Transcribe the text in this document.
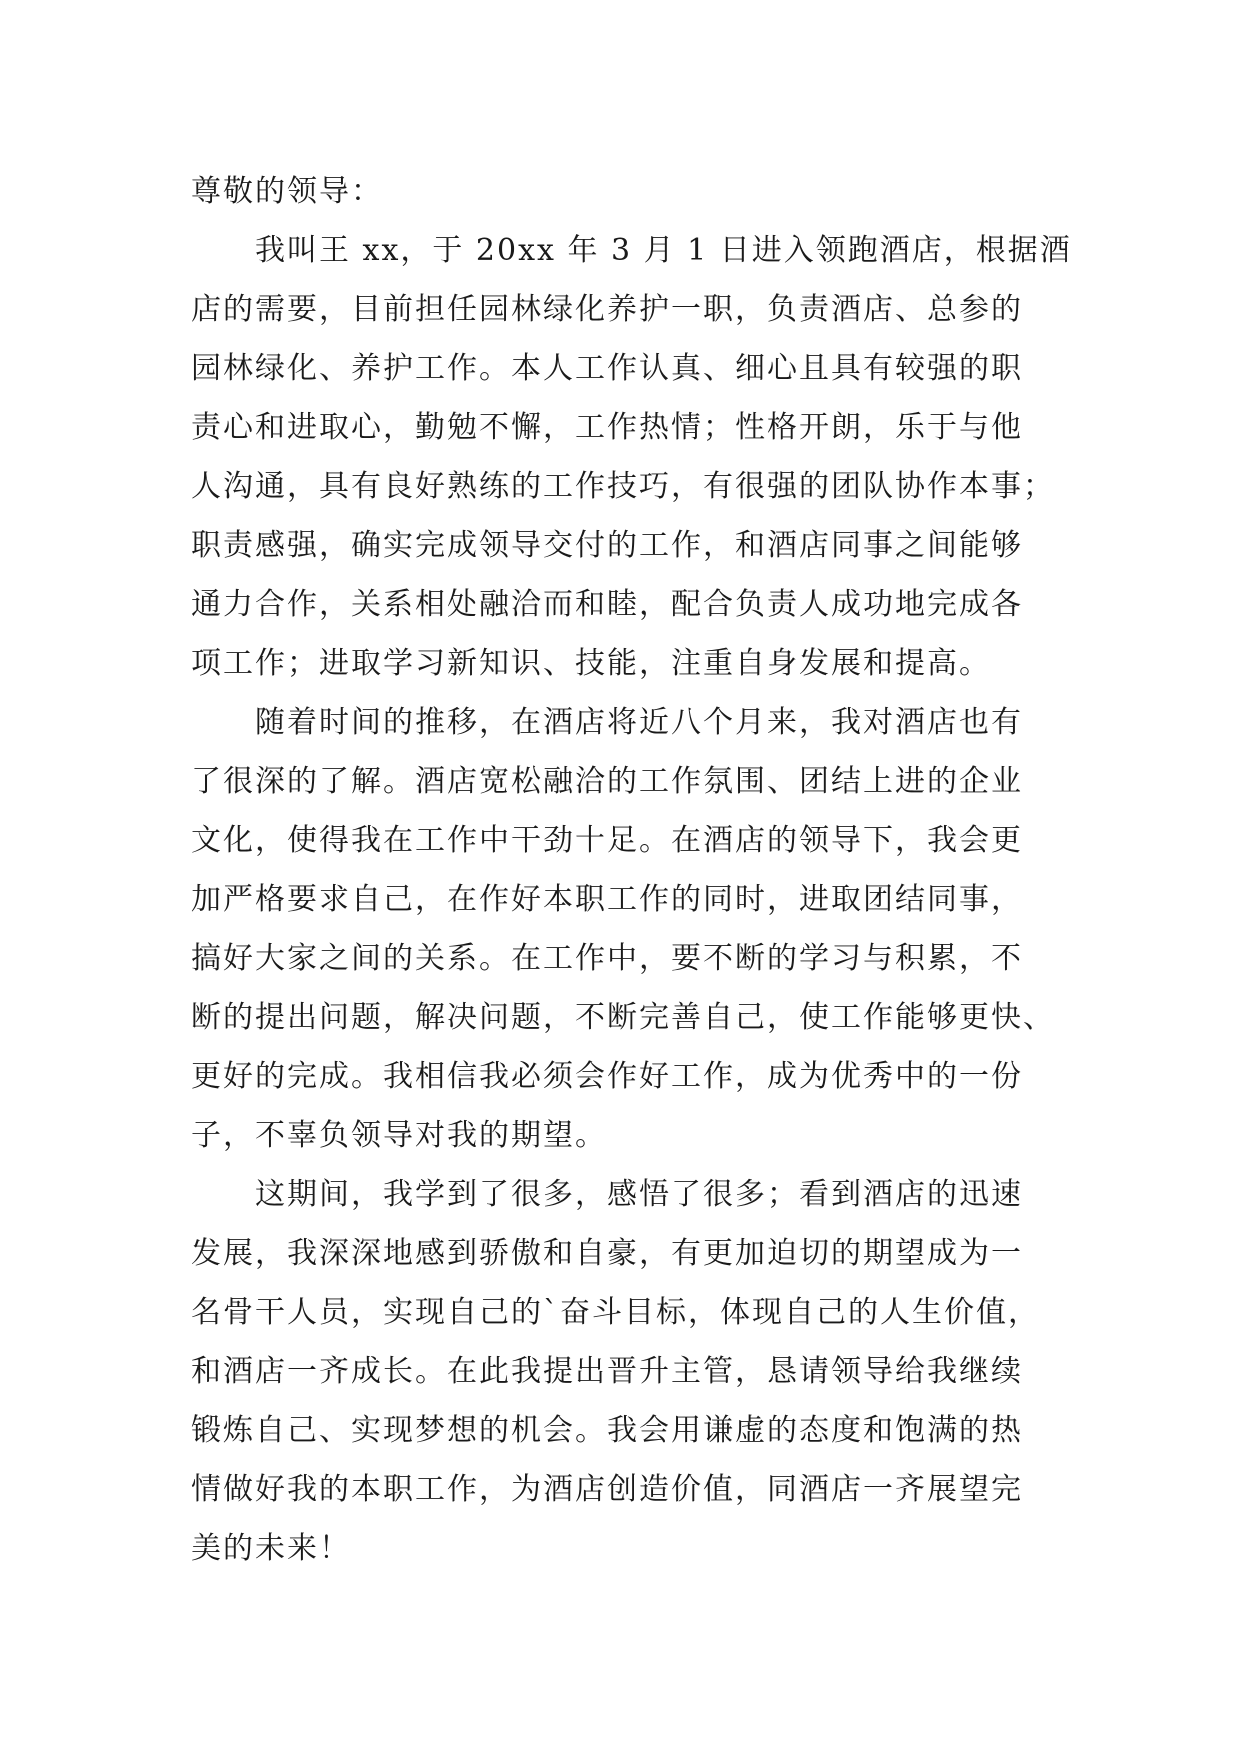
尊敬的领导：
我叫王 xx，于 20xx 年 3 月 1 日进入领跑酒店，根据酒
店的需要，目前担任园林绿化养护一职，负责酒店、总参的
园林绿化、养护工作。本人工作认真、细心且具有较强的职
责心和进取心，勤勉不懈，工作热情；性格开朗，乐于与他
人沟通，具有良好熟练的工作技巧，有很强的团队协作本事；
职责感强，确实完成领导交付的工作，和酒店同事之间能够
通力合作，关系相处融洽而和睦，配合负责人成功地完成各
项工作；进取学习新知识、技能，注重自身发展和提高。
随着时间的推移，在酒店将近八个月来，我对酒店也有
了很深的了解。酒店宽松融洽的工作氛围、团结上进的企业
文化，使得我在工作中干劲十足。在酒店的领导下，我会更
加严格要求自己，在作好本职工作的同时，进取团结同事，
搞好大家之间的关系。在工作中，要不断的学习与积累，不
断的提出问题，解决问题，不断完善自己，使工作能够更快、
更好的完成。我相信我必须会作好工作，成为优秀中的一份
子，不辜负领导对我的期望。
这期间，我学到了很多，感悟了很多；看到酒店的迅速
发展，我深深地感到骄傲和自豪，有更加迫切的期望成为一
名骨干人员，实现自己的`奋斗目标，体现自己的人生价值，
和酒店一齐成长。在此我提出晋升主管，恳请领导给我继续
锻炼自己、实现梦想的机会。我会用谦虚的态度和饱满的热
情做好我的本职工作，为酒店创造价值，同酒店一齐展望完
美的未来！
